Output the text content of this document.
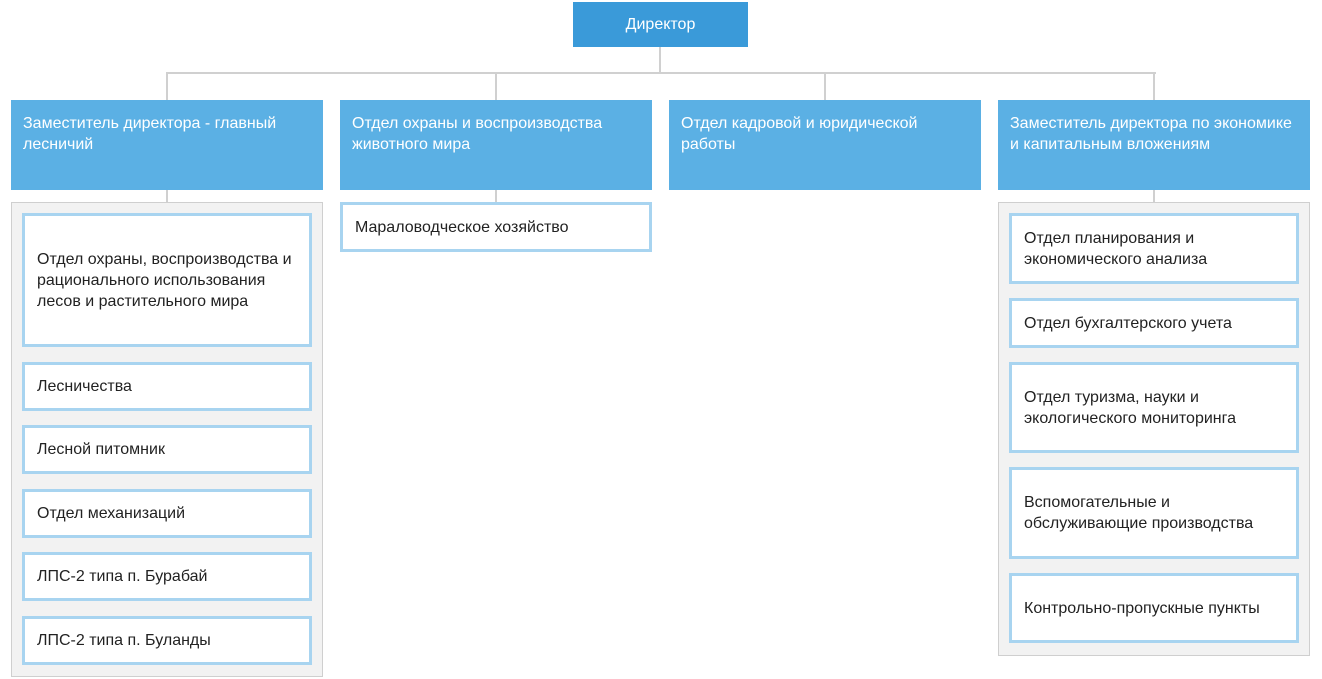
Директор
Заместитель директора - главный лесничий
Отдел охраны и воспроизводства животного мира
Отдел кадровой и юридической работы
Заместитель директора по экономике и капитальным вложениям
Отдел охраны, воспроизводства и рационального использования лесов и растительного мира
Лесничества
Лесной питомник
Отдел механизаций
ЛПС-2 типа п. Бурабай
ЛПС-2 типа п. Буланды
Мараловодческое хозяйство
Отдел планирования и экономического анализа
Отдел бухгалтерского учета
Отдел туризма, науки и экологического мониторинга
Вспомогательные и обслуживающие производства
Контрольно-пропускные пункты
